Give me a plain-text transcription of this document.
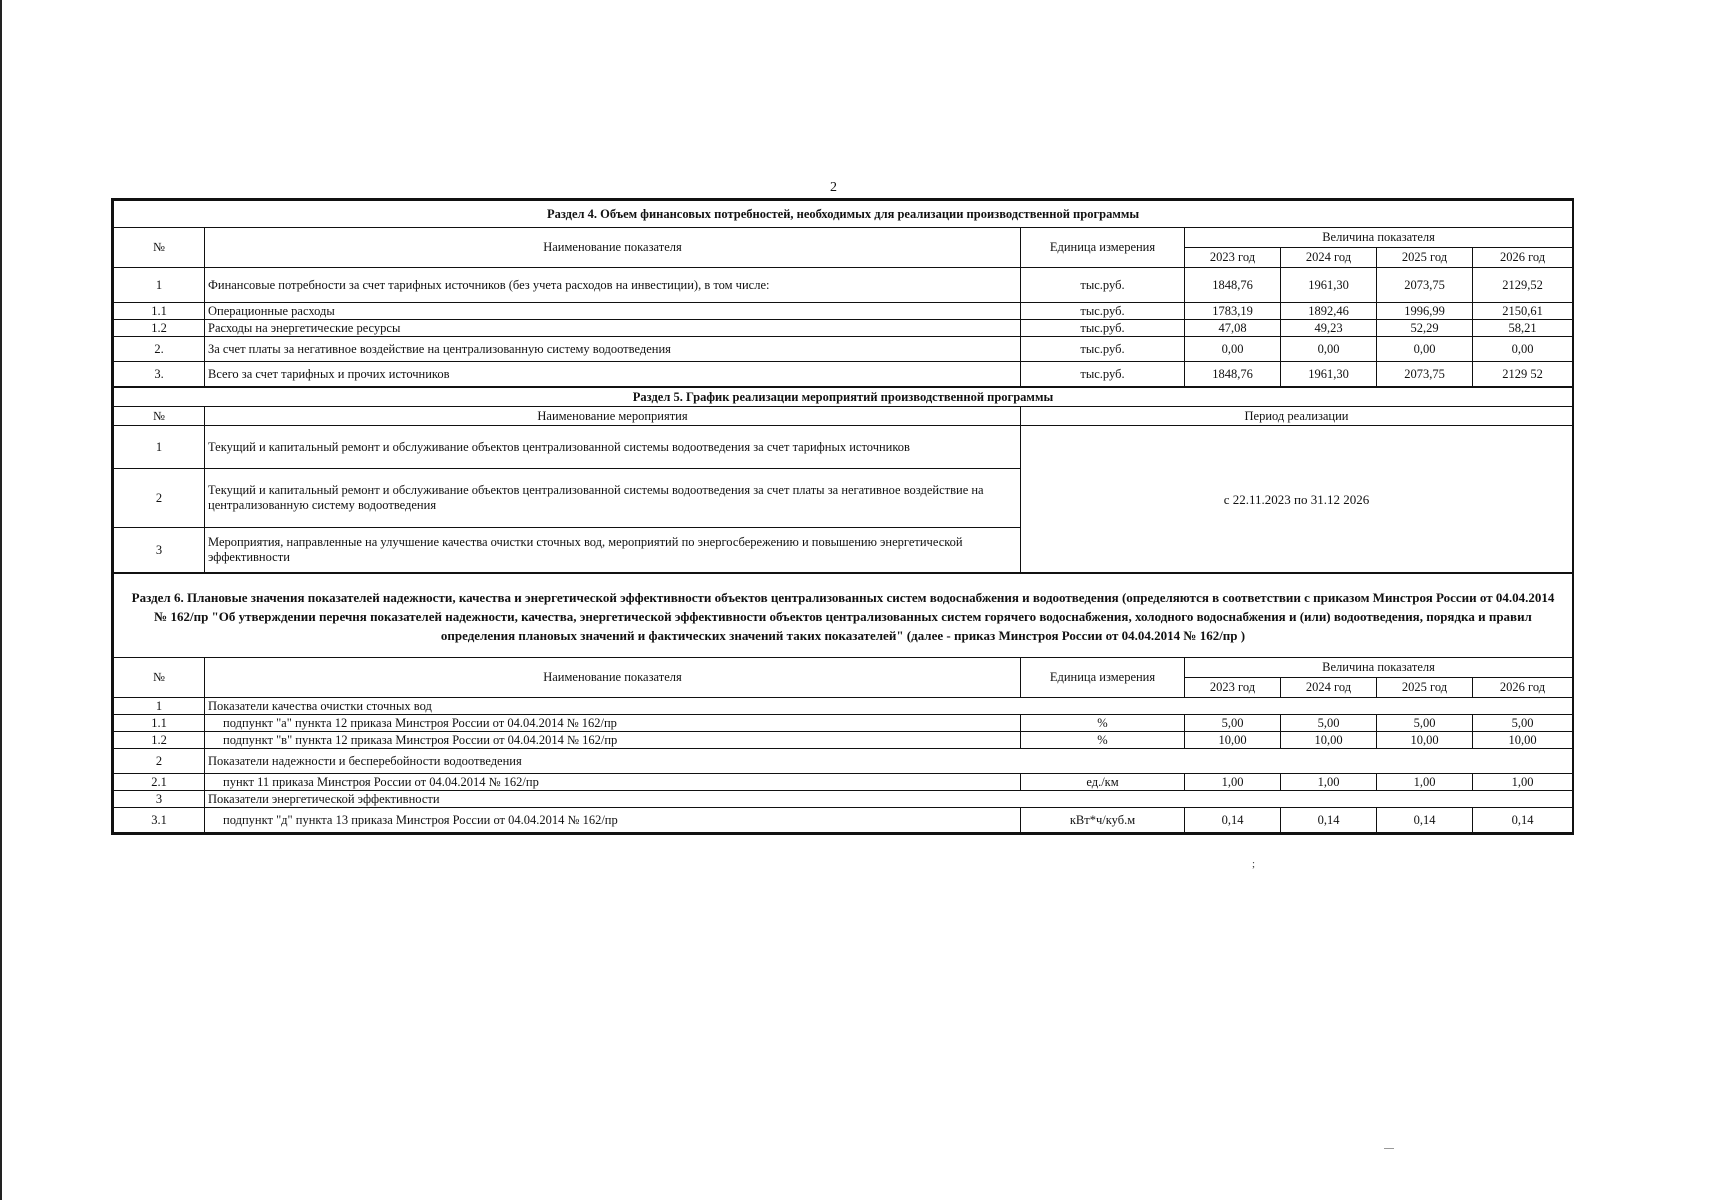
2
Раздел 4. Объем финансовых потребностей, необходимых для реализации производственной программы						
№	Наименование показателя	Единица измерения	Величина показателя			
			2023 год	2024 год	2025 год	2026 год
1	Финансовые потребности за счет тарифных источников (без учета расходов на инвестиции), в том числе:	тыс.руб.	1848,76	1961,30	2073,75	2129,52
1.1	Операционные расходы	тыс.руб.	1783,19	1892,46	1996,99	2150,61
1.2	Расходы на энергетические ресурсы	тыс.руб.	47,08	49,23	52,29	58,21
2.	За счет платы за негативное воздействие на централизованную систему водоотведения	тыс.руб.	0,00	0,00	0,00	0,00
3.	Всего за счет тарифных и прочих источников	тыс.руб.	1848,76	1961,30	2073,75	2129 52
Раздел 5. График реализации мероприятий производственной программы		
№	Наименование мероприятия	Период реализации
1	Текущий и капитальный ремонт и обслуживание объектов централизованной системы водоотведения за счет тарифных источников	с 22.11.2023 по 31.12 2026
2	Текущий и капитальный ремонт и обслуживание объектов централизованной системы водоотведения за счет платы за негативное воздействие на централизованную систему водоотведения	
3	Мероприятия, направленные на улучшение качества очистки сточных вод, мероприятий по энергосбережению и повышению энергетической эффективности	
Раздел 6. Плановые значения показателей надежности, качества и энергетической эффективности объектов централизованных систем водоснабжения и водоотведения (определяются в соответствии с приказом Минстроя России от 04.04.2014 № 162/пр "Об утверждении перечня показателей надежности, качества, энергетической эффективности объектов централизованных систем горячего водоснабжения, холодного водоснабжения и (или) водоотведения, порядка и правил определения плановых значений и фактических значений таких показателей" (далее - приказ Минстроя России от 04.04.2014 № 162/пр )						
№	Наименование показателя	Единица измерения	Величина показателя			
			2023 год	2024 год	2025 год	2026 год
1	Показатели качества очистки сточных вод					
1.1	подпункт "а" пункта 12 приказа Минстроя России от 04.04.2014 № 162/пр	%	5,00	5,00	5,00	5,00
1.2	подпункт "в" пункта 12 приказа Минстроя России от 04.04.2014 № 162/пр	%	10,00	10,00	10,00	10,00
2	Показатели надежности и бесперебойности водоотведения					
2.1	пункт 11 приказа Минстроя России от 04.04.2014 № 162/пр	ед./км	1,00	1,00	1,00	1,00
3	Показатели энергетической эффективности					
3.1	подпункт "д" пункта 13 приказа Минстроя России от 04.04.2014 № 162/пр	кВт*ч/куб.м	0,14	0,14	0,14	0,14
;
